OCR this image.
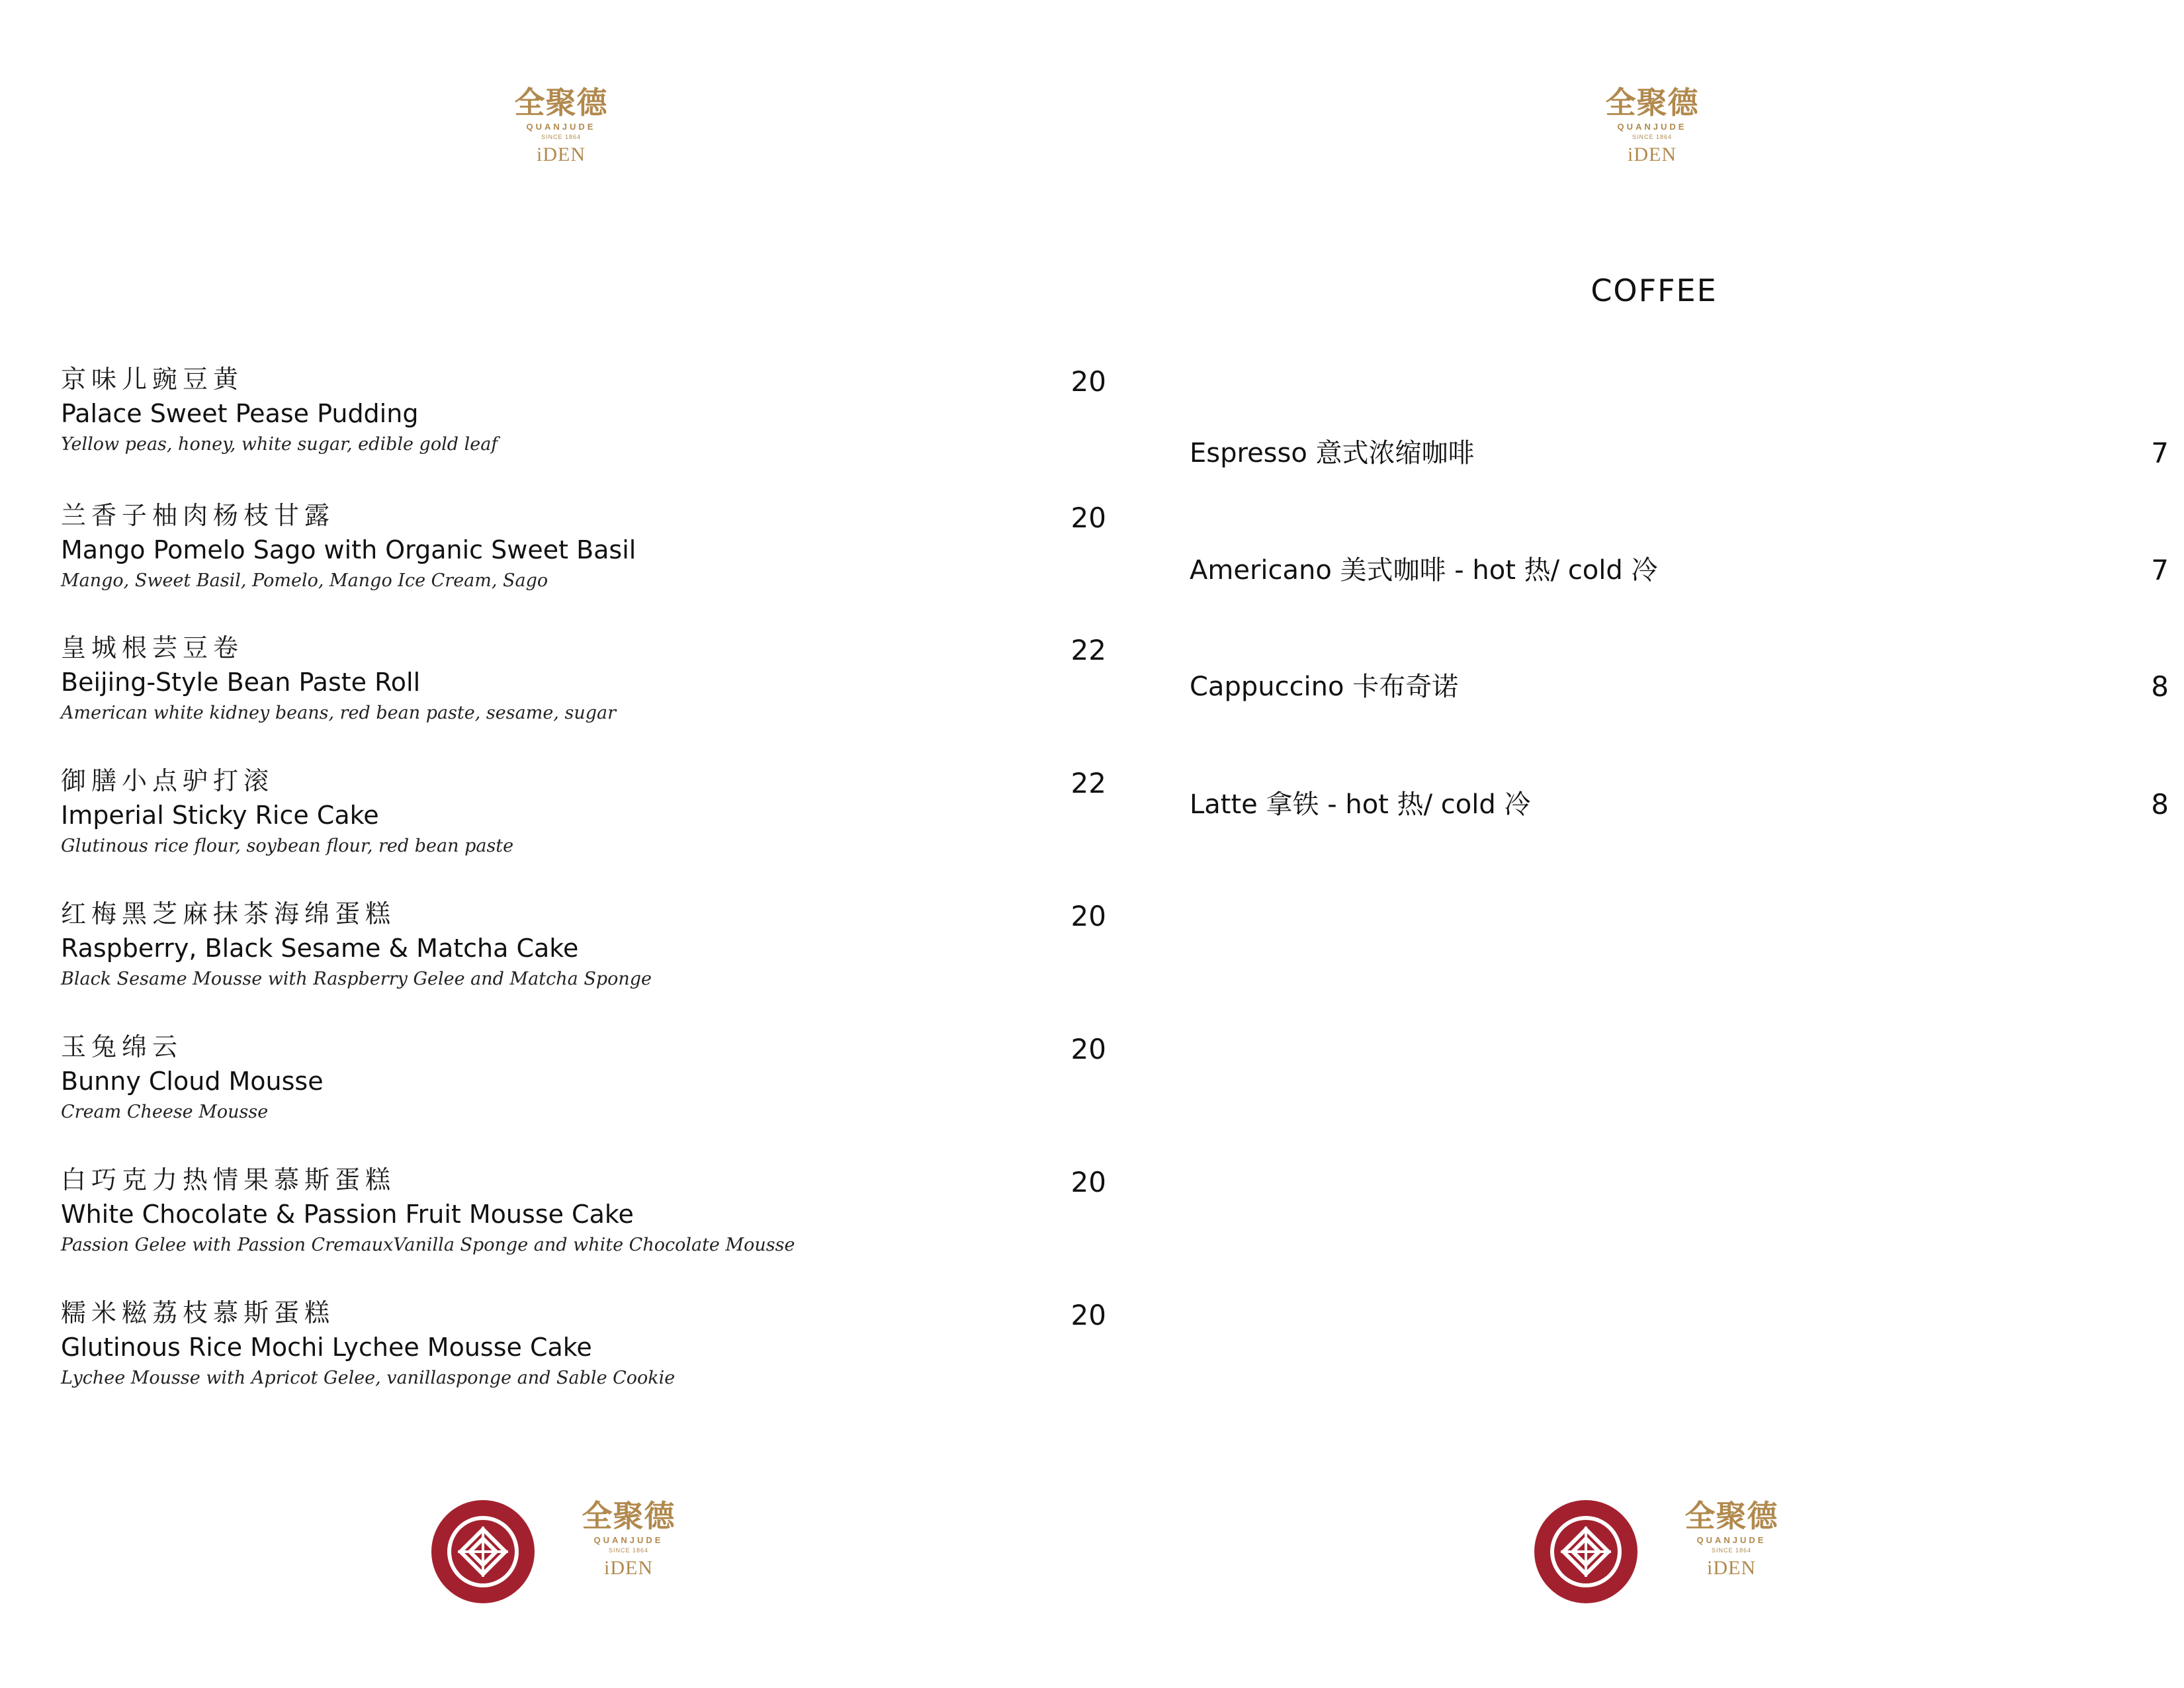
全聚德
QUANJUDE
SINCE 1864
iDEN
京味儿豌豆黄
Palace Sweet Pease Pudding
Yellow peas, honey, white sugar, edible gold leaf
20
兰香子柚肉杨枝甘露
Mango Pomelo Sago with Organic Sweet Basil
Mango, Sweet Basil, Pomelo, Mango Ice Cream, Sago
20
皇城根芸豆卷
Beijing-Style Bean Paste Roll
American white kidney beans, red bean paste, sesame, sugar
22
御膳小点驴打滚
Imperial Sticky Rice Cake
Glutinous rice flour, soybean flour, red bean paste
22
红梅黑芝麻抹茶海绵蛋糕
Raspberry, Black Sesame & Matcha Cake
Black Sesame Mousse with Raspberry Gelee and Matcha Sponge
20
玉兔绵云
Bunny Cloud Mousse
Cream Cheese Mousse
20
白巧克力热情果慕斯蛋糕
White Chocolate & Passion Fruit Mousse Cake
Passion Gelee with Passion CremauxVanilla Sponge and white Chocolate Mousse
20
糯米糍荔枝慕斯蛋糕
Glutinous Rice Mochi Lychee Mousse Cake
Lychee Mousse with Apricot Gelee, vanillasponge and Sable Cookie
20
全聚德
QUANJUDE
SINCE 1864
iDEN
全聚德
QUANJUDE
SINCE 1864
iDEN
COFFEE
Espresso 意式浓缩咖啡	7
Americano 美式咖啡 - hot 热/ cold 冷	7
Cappuccino 卡布奇诺	8
Latte 拿铁 - hot 热/ cold 冷	8
全聚德
QUANJUDE
SINCE 1864
iDEN
